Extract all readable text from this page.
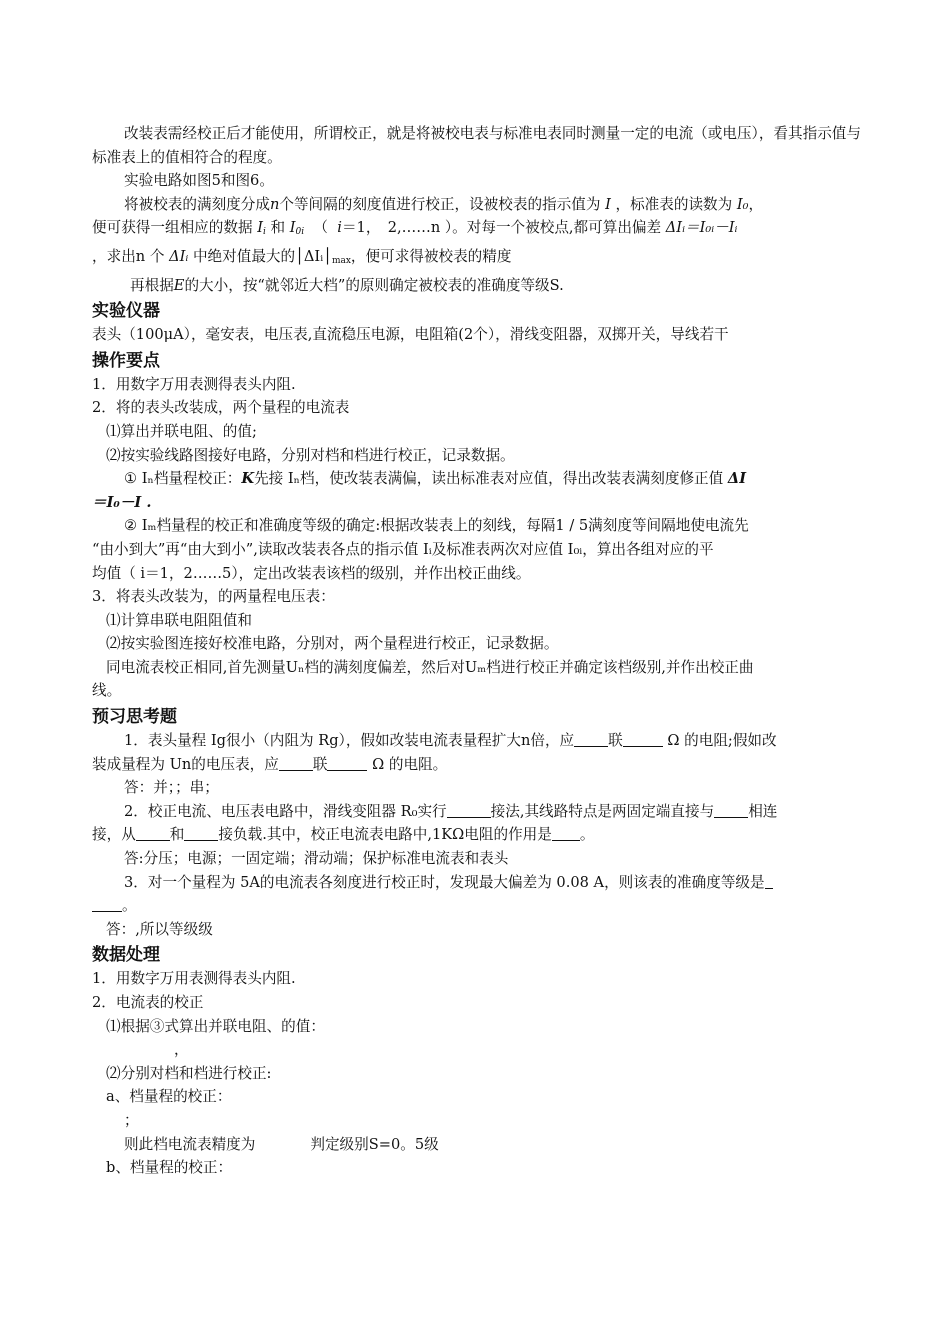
改装表需经校正后才能使用，所谓校正，就是将被校电表与标准电表同时测量一定的电流（或电压），看其指示值与标准表上的值相符合的程度。

实验电路如图5和图6。

将被校表的满刻度分成n个等间隔的刻度值进行校正，设被校表的指示值为 I ，标准表的读数为 I₀，

便可获得一组相应的数据 $I_i$ 和 $I_{0i}$ （ i＝1，　2,……n ）。对每一个被校点,都可算出偏差 ΔIᵢ＝I₀ᵢ－Iᵢ

，求出n 个 ΔIᵢ 中绝对值最大的$│\Delta Iᵢ│_{max}$，便可求得被校表的精度

再根据E的大小，按“就邻近大档”的原则确定被校表的准确度等级S.

实验仪器

表头（100μA），毫安表，电压表,直流稳压电源，电阻箱(2个），滑线变阻器，双掷开关，导线若干

操作要点

1．用数字万用表测得表头内阻.

2．将的表头改装成，两个量程的电流表

⑴算出并联电阻、的值;

⑵按实验线路图接好电路，分别对档和档进行校正，记录数据。

① Iₙ档量程校正：K先接 Iₙ档，使改装表满偏，读出标准表对应值，得出改装表满刻度修正值 ΔI

＝I₀－I .

② Iₘ档量程的校正和准确度等级的确定:根据改装表上的刻线，每隔1 / 5满刻度等间隔地使电流先

“由小到大”再“由大到小”,读取改装表各点的指示值 Iᵢ及标准表两次对应值 I₀ᵢ，算出各组对应的平

均值（ i＝1，2……5），定出改装表该档的级别，并作出校正曲线。

3．将表头改装为，的两量程电压表：

⑴计算串联电阻阻值和

⑵按实验图连接好校准电路，分别对，两个量程进行校正，记录数据。

同电流表校正相同,首先测量Uₙ档的满刻度偏差，然后对Uₘ档进行校正并确定该档级别,并作出校正曲

线。

预习思考题

1．表头量程 Ig很小（内阻为 Rg），假如改装电流表量程扩大n倍，应 联	Ω 的电阻;假如改

装成量程为 Un的电压表，应 联	Ω 的电阻。

答：并；；串；

2．校正电流、电压表电路中，滑线变阻器 R₀实行	接法,其线路特点是两固定端直接与 相连

接，从 和 接负载.其中，校正电流表电路中,1KΩ电阻的作用是 。

答:分压；电源；一固定端；滑动端；保护标准电流表和表头

3．对一个量程为 5A的电流表各刻度进行校正时，发现最大偏差为 0.08 A，则该表的准确度等级是

。

答：,所以等级级

数据处理

1．用数字万用表测得表头内阻.

2．电流表的校正

⑴根据③式算出并联电阻、的值：

，

⑵分别对档和档进行校正:

a、档量程的校正：

；

则此档电流表精度为	判定级别S=0。5级

b、档量程的校正：
